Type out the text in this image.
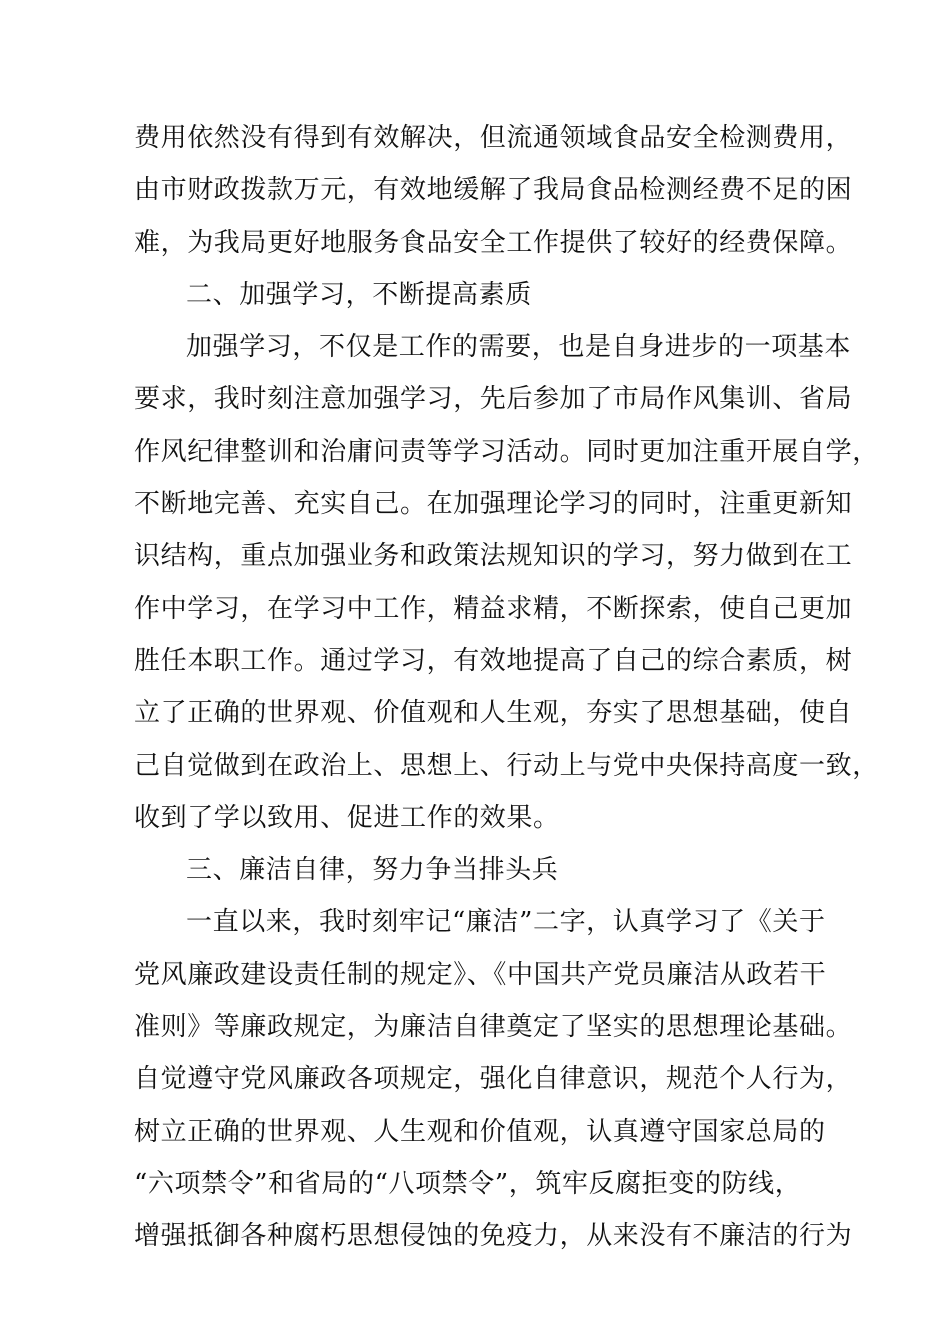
费用依然没有得到有效解决，但流通领域食品安全检测费用，
由市财政拨款万元，有效地缓解了我局食品检测经费不足的困
难，为我局更好地服务食品安全工作提供了较好的经费保障。
二、加强学习，不断提高素质
加强学习，不仅是工作的需要，也是自身进步的一项基本
要求，我时刻注意加强学习，先后参加了市局作风集训、省局
作风纪律整训和治庸问责等学习活动。同时更加注重开展自学，
不断地完善、充实自己。在加强理论学习的同时，注重更新知
识结构，重点加强业务和政策法规知识的学习，努力做到在工
作中学习，在学习中工作，精益求精，不断探索，使自己更加
胜任本职工作。通过学习，有效地提高了自己的综合素质，树
立了正确的世界观、价值观和人生观，夯实了思想基础，使自
己自觉做到在政治上、思想上、行动上与党中央保持高度一致，
收到了学以致用、促进工作的效果。
三、廉洁自律，努力争当排头兵
一直以来，我时刻牢记“廉洁”二字，认真学习了《关于
党风廉政建设责任制的规定》、《中国共产党员廉洁从政若干
准则》等廉政规定，为廉洁自律奠定了坚实的思想理论基础。
自觉遵守党风廉政各项规定，强化自律意识，规范个人行为，
树立正确的世界观、人生观和价值观，认真遵守国家总局的
“六项禁令”和省局的“八项禁令”，筑牢反腐拒变的防线，
增强抵御各种腐朽思想侵蚀的免疫力，从来没有不廉洁的行为
